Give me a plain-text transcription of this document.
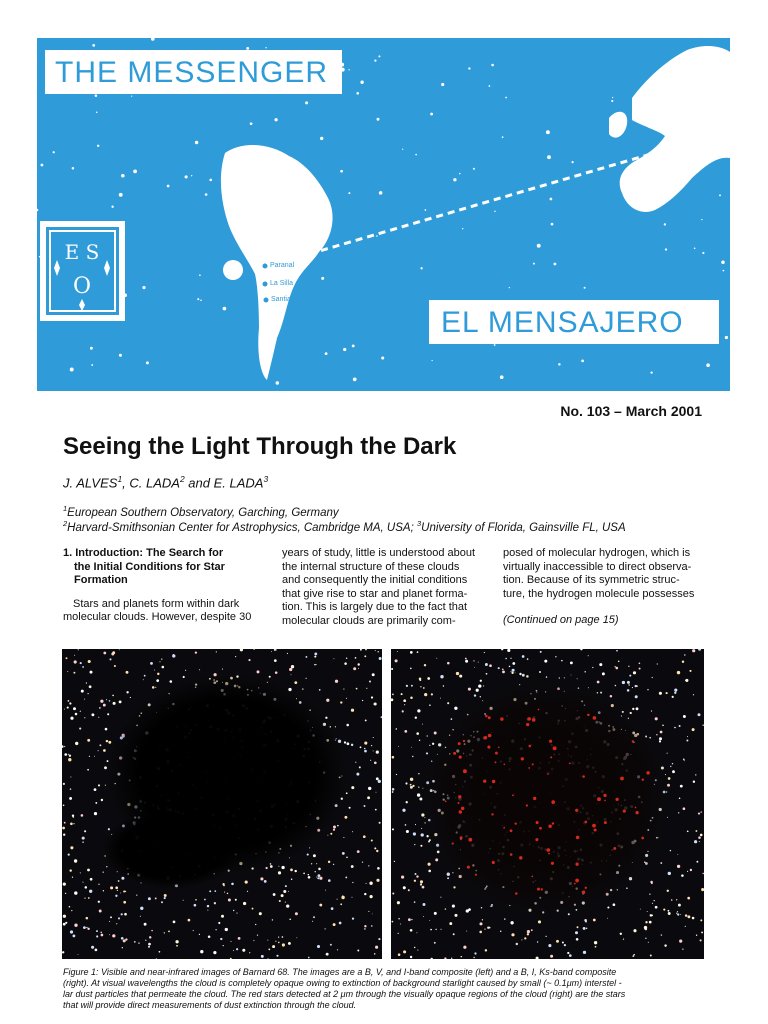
Munich
Paranal
La Silla
Santiago
THE MESSENGER
EL MENSAJERO
E S
O
No. 103 – March 2001
Seeing the Light Through the Dark
J. ALVES$^1$, C. LADA$^2$ and E. LADA$^3$
$^1$European Southern Observatory, Garching, Germany
$^2$Harvard-Smithsonian Center for Astrophysics, Cambridge MA, USA; $^3$University of Florida, Gainsville FL, USA
1. Introduction: The Search for
the Initial Conditions for Star
Formation
Stars and planets form within dark
molecular clouds. However, despite 30
years of study, little is understood about
the internal structure of these clouds
and consequently the initial conditions
that give rise to star and planet forma-
tion. This is largely due to the fact that
molecular clouds are primarily com-
posed of molecular hydrogen, which is
virtually inaccessible to direct observa-
tion. Because of its symmetric struc-
ture, the hydrogen molecule possesses
(Continued on page 15)
Figure 1: Visible and near-infrared images of Barnard 68. The images are a B, V, and I-band composite (left) and a B, I, Ks-band composite
(right). At visual wavelengths the cloud is completely opaque owing to extinction of background starlight caused by small (~ 0.1μm) interstel -
lar dust particles that permeate the cloud. The red stars detected at 2 μm through the visually opaque regions of the cloud (right) are the stars
that will provide direct measurements of dust extinction through the cloud.
